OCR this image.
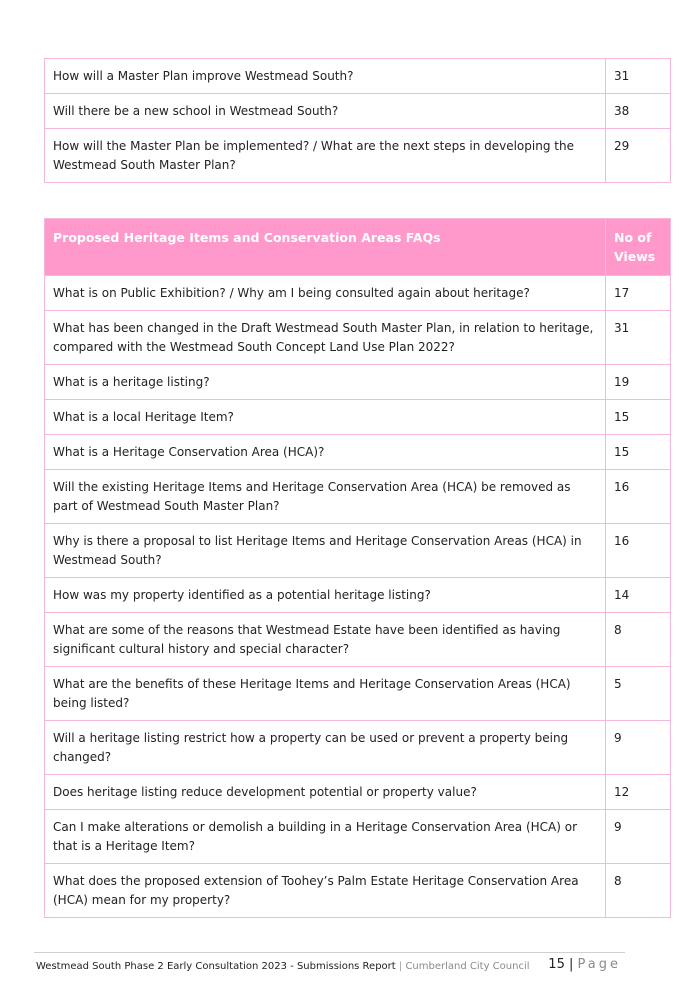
How will a Master Plan improve Westmead South?	31
Will there be a new school in Westmead South?	38
How will the Master Plan be implemented? / What are the next steps in developing the Westmead South Master Plan?	29
Proposed Heritage Items and Conservation Areas FAQs	No of Views
What is on Public Exhibition? / Why am I being consulted again about heritage?	17
What has been changed in the Draft Westmead South Master Plan, in relation to heritage, compared with the Westmead South Concept Land Use Plan 2022?	31
What is a heritage listing?	19
What is a local Heritage Item?	15
What is a Heritage Conservation Area (HCA)?	15
Will the existing Heritage Items and Heritage Conservation Area (HCA) be removed as part of Westmead South Master Plan?	16
Why is there a proposal to list Heritage Items and Heritage Conservation Areas (HCA) in Westmead South?	16
How was my property identified as a potential heritage listing?	14
What are some of the reasons that Westmead Estate have been identified as having significant cultural history and special character?	8
What are the benefits of these Heritage Items and Heritage Conservation Areas (HCA) being listed?	5
Will a heritage listing restrict how a property can be used or prevent a property being changed?	9
Does heritage listing reduce development potential or property value?	12
Can I make alterations or demolish a building in a Heritage Conservation Area (HCA) or that is a Heritage Item?	9
What does the proposed extension of Toohey’s Palm Estate Heritage Conservation Area (HCA) mean for my property?	8
Westmead South Phase 2 Early Consultation 2023 - Submissions Report | Cumberland City Council 15 | Page
